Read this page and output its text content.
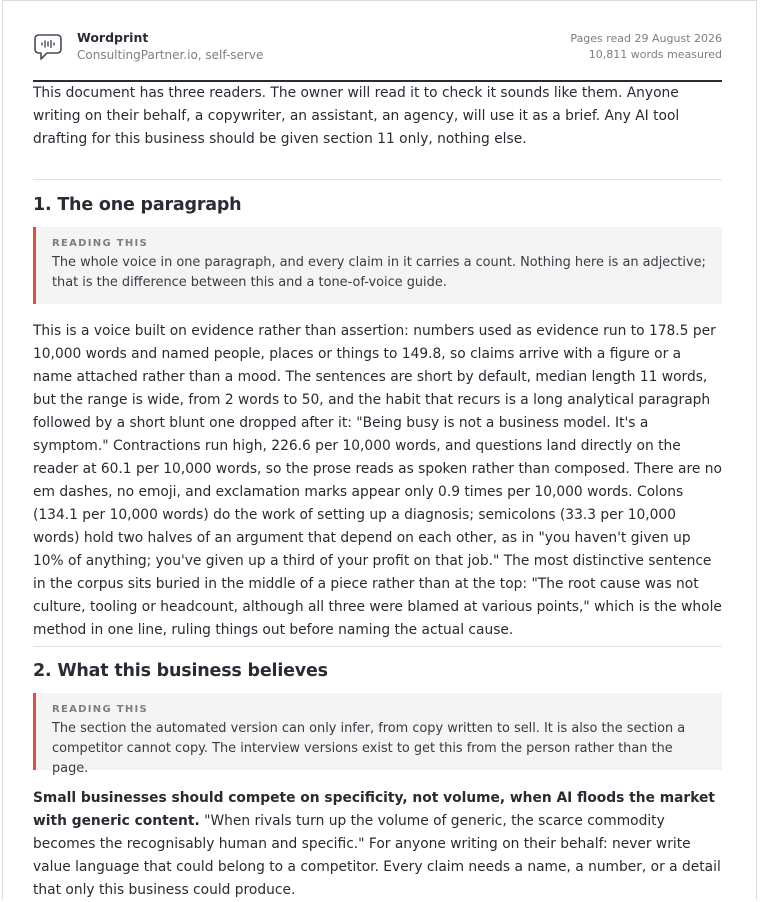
Wordprint
ConsultingPartner.io, self-serve
Pages read 29 August 2026
10,811 words measured

This document has three readers. The owner will read it to check it sounds like them. Anyone writing on their behalf, a copywriter, an assistant, an agency, will use it as a brief. Any AI tool drafting for this business should be given section 11 only, nothing else.

1. The one paragraph

READING THIS

The whole voice in one paragraph, and every claim in it carries a count. Nothing here is an adjective; that is the difference between this and a tone-of-voice guide.

This is a voice built on evidence rather than assertion: numbers used as evidence run to 178.5 per 10,000 words and named people, places or things to 149.8, so claims arrive with a figure or a name attached rather than a mood. The sentences are short by default, median length 11 words, but the range is wide, from 2 words to 50, and the habit that recurs is a long analytical paragraph followed by a short blunt one dropped after it: "Being busy is not a business model. It's a symptom." Contractions run high, 226.6 per 10,000 words, and questions land directly on the reader at 60.1 per 10,000 words, so the prose reads as spoken rather than composed. There are no em dashes, no emoji, and exclamation marks appear only 0.9 times per 10,000 words. Colons (134.1 per 10,000 words) do the work of setting up a diagnosis; semicolons (33.3 per 10,000 words) hold two halves of an argument that depend on each other, as in "you haven't given up 10% of anything; you've given up a third of your profit on that job." The most distinctive sentence in the corpus sits buried in the middle of a piece rather than at the top: "The root cause was not culture, tooling or headcount, although all three were blamed at various points," which is the whole method in one line, ruling things out before naming the actual cause.

2. What this business believes

READING THIS

The section the automated version can only infer, from copy written to sell. It is also the section a competitor cannot copy. The interview versions exist to get this from the person rather than the page.

Small businesses should compete on specificity, not volume, when AI floods the market with generic content. "When rivals turn up the volume of generic, the scarce commodity becomes the recognisably human and specific." For anyone writing on their behalf: never write value language that could belong to a competitor. Every claim needs a name, a number, or a detail that only this business could produce.
